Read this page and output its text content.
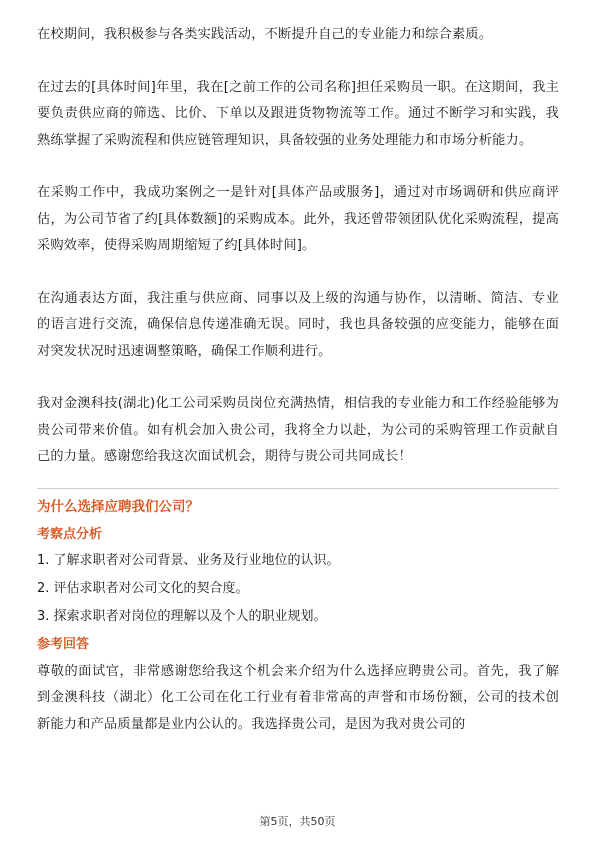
在校期间，我积极参与各类实践活动，不断提升自己的专业能力和综合素质。

在过去的[具体时间]年里，我在[之前工作的公司名称]担任采购员一职。在这期间，我主要负责供应商的筛选、比价、下单以及跟进货物物流等工作。通过不断学习和实践，我熟练掌握了采购流程和供应链管理知识，具备较强的业务处理能力和市场分析能力。

在采购工作中，我成功案例之一是针对[具体产品或服务]，通过对市场调研和供应商评估，为公司节省了约[具体数额]的采购成本。此外，我还曾带领团队优化采购流程，提高采购效率，使得采购周期缩短了约[具体时间]。

在沟通表达方面，我注重与供应商、同事以及上级的沟通与协作，以清晰、简洁、专业的语言进行交流，确保信息传递准确无误。同时，我也具备较强的应变能力，能够在面对突发状况时迅速调整策略，确保工作顺利进行。

我对金澳科技(湖北)化工公司采购员岗位充满热情，相信我的专业能力和工作经验能够为贵公司带来价值。如有机会加入贵公司，我将全力以赴，为公司的采购管理工作贡献自己的力量。感谢您给我这次面试机会，期待与贵公司共同成长！

为什么选择应聘我们公司？
考察点分析
1. 了解求职者对公司背景、业务及行业地位的认识。
2. 评估求职者对公司文化的契合度。
3. 探索求职者对岗位的理解以及个人的职业规划。
参考回答

尊敬的面试官，非常感谢您给我这个机会来介绍为什么选择应聘贵公司。首先，我了解到金澳科技（湖北）化工公司在化工行业有着非常高的声誉和市场份额，公司的技术创新能力和产品质量都是业内公认的。我选择贵公司，是因为我对贵公司的

第5页，共50页
